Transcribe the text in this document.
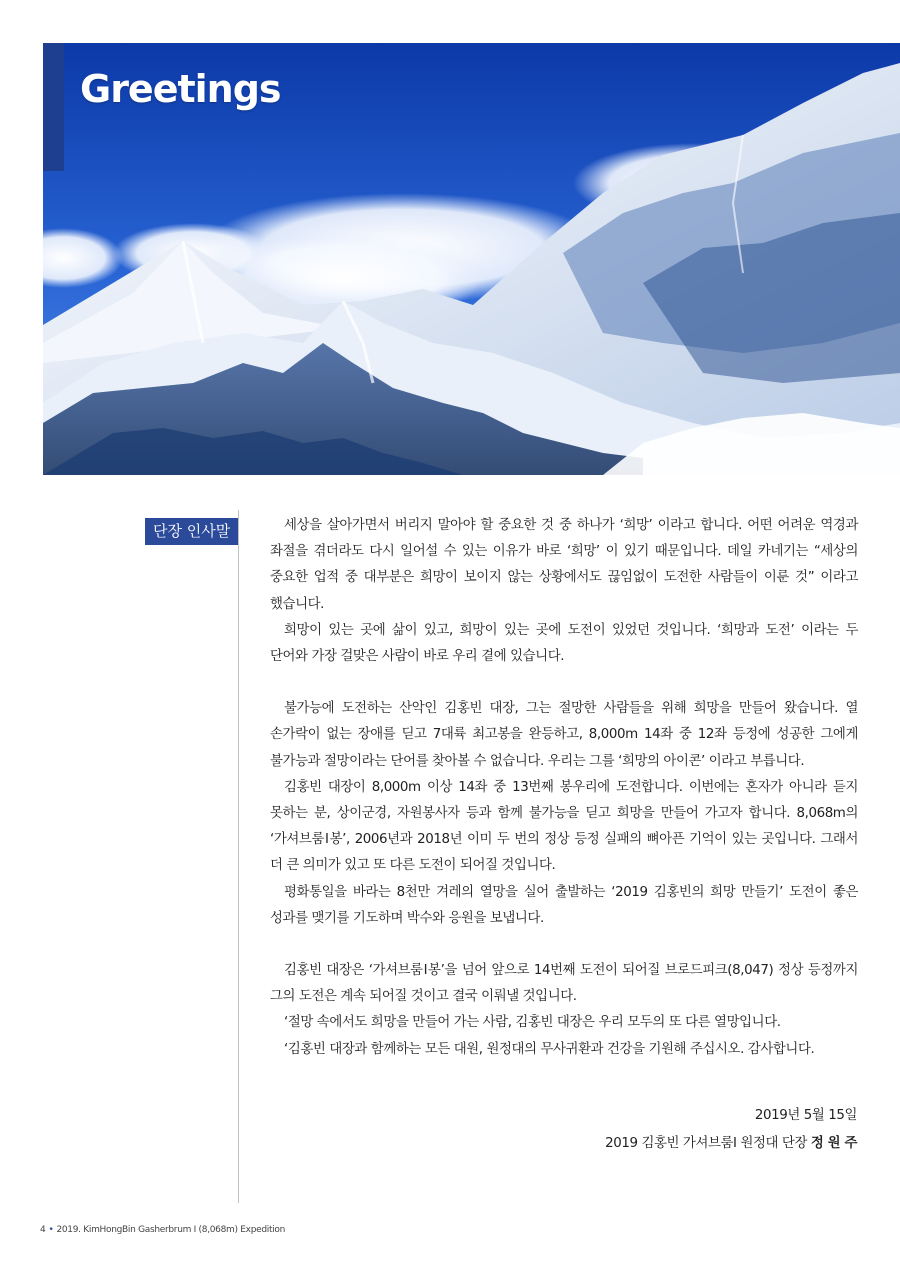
Greetings
단장 인사말	세상을 살아가면서 버리지 말아야 할 중요한 것 중 하나가 ‘희망’ 이라고 합니다. 어떤 어려운 역경과 좌절을 겪더라도 다시 일어설 수 있는 이유가 바로 ‘희망’ 이 있기 때문입니다. 데일 카네기는 “세상의 중요한 업적 중 대부분은 희망이 보이지 않는 상황에서도 끊임없이 도전한 사람들이 이룬 것” 이라고 했습니다.

희망이 있는 곳에 삶이 있고, 희망이 있는 곳에 도전이 있었던 것입니다. ‘희망과 도전’ 이라는 두 단어와 가장 걸맞은 사람이 바로 우리 곁에 있습니다.

불가능에 도전하는 산악인 김홍빈 대장, 그는 절망한 사람들을 위해 희망을 만들어 왔습니다. 열 손가락이 없는 장애를 딛고 7대륙 최고봉을 완등하고, 8,000m 14좌 중 12좌 등정에 성공한 그에게 불가능과 절망이라는 단어를 찾아볼 수 없습니다. 우리는 그를 ‘희망의 아이콘’ 이라고 부릅니다.

김홍빈 대장이 8,000m 이상 14좌 중 13번째 봉우리에 도전합니다. 이번에는 혼자가 아니라 듣지 못하는 분, 상이군경, 자원봉사자 등과 함께 불가능을 딛고 희망을 만들어 가고자 합니다. 8,068m의 ‘가셔브룸Ⅰ봉’, 2006년과 2018년 이미 두 번의 정상 등정 실패의 뼈아픈 기억이 있는 곳입니다. 그래서 더 큰 의미가 있고 또 다른 도전이 되어질 것입니다.

평화통일을 바라는 8천만 겨레의 열망을 실어 출발하는 ‘2019 김홍빈의 희망 만들기’ 도전이 좋은 성과를 맺기를 기도하며 박수와 응원을 보냅니다.

김홍빈 대장은 ‘가셔브룸Ⅰ봉’을 넘어 앞으로 14번째 도전이 되어질 브로드피크(8,047) 정상 등정까지 그의 도전은 계속 되어질 것이고 결국 이뤄낼 것입니다.

‘절망 속에서도 희망을 만들어 가는 사람, 김홍빈 대장은 우리 모두의 또 다른 열망입니다.

‘김홍빈 대장과 함께하는 모든 대원, 원정대의 무사귀환과 건강을 기원해 주십시오. 감사합니다.

2019년 5월 15일
2019 김홍빈 가셔브룸Ⅰ 원정대 단장 정 원 주
4 • 2019. KimHongBin Gasherbrum Ⅰ (8,068m) Expedition
